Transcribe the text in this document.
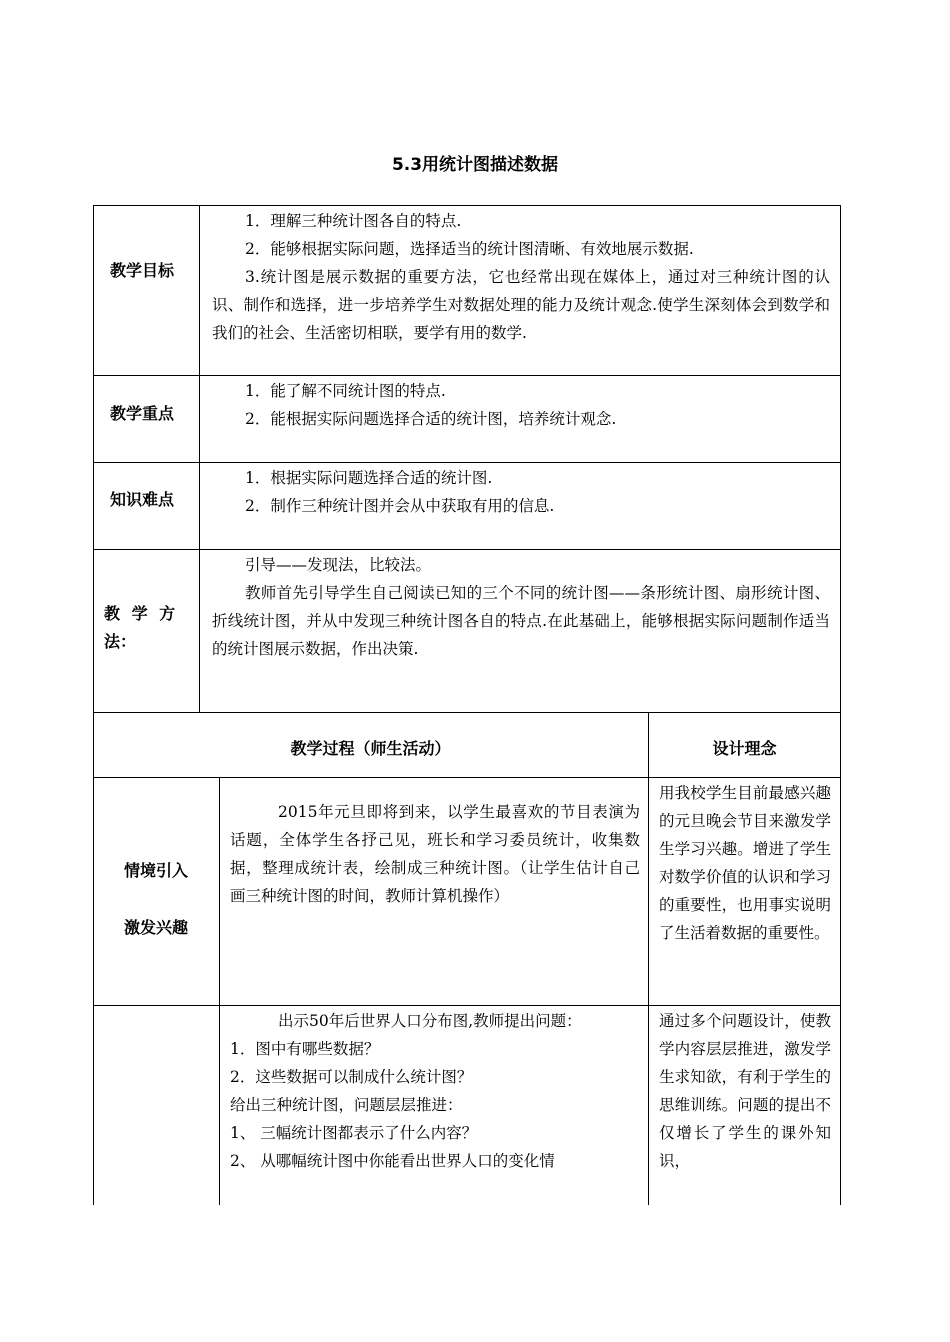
5.3用统计图描述数据
教学目标

1．理解三种统计图各自的特点.

2．能够根据实际问题，选择适当的统计图清晰、有效地展示数据.

3.统计图是展示数据的重要方法，它也经常出现在媒体上，通过对三种统计图的认识、制作和选择，进一步培养学生对数据处理的能力及统计观念.使学生深刻体会到数学和我们的社会、生活密切相联，要学有用的数学.

教学重点

1．能了解不同统计图的特点.

2．能根据实际问题选择合适的统计图，培养统计观念.

知识难点

1．根据实际问题选择合适的统计图.

2．制作三种统计图并会从中获取有用的信息.

教 学 方
法：

引导——发现法，比较法。

教师首先引导学生自己阅读已知的三个不同的统计图——条形统计图、扇形统计图、折线统计图，并从中发现三种统计图各自的特点.在此基础上，能够根据实际问题制作适当的统计图展示数据，作出决策.

教学过程（师生活动）	设计理念
情境引入
激发兴趣

2015年元旦即将到来，以学生最喜欢的节目表演为话题，全体学生各抒己见，班长和学习委员统计，收集数据，整理成统计表，绘制成三种统计图。（让学生估计自己画三种统计图的时间，教师计算机操作）

用我校学生目前最感兴趣的元旦晚会节目来激发学生学习兴趣。增进了学生对数学价值的认识和学习的重要性，也用事实说明了生活着数据的重要性。

出示50年后世界人口分布图,教师提出问题：

1．图中有哪些数据？

2．这些数据可以制成什么统计图？

给出三种统计图，问题层层推进：

1、 三幅统计图都表示了什么内容？

2、 从哪幅统计图中你能看出世界人口的变化情

通过多个问题设计，使教学内容层层推进，激发学生求知欲，有利于学生的思维训练。问题的提出不仅增长了学生的课外知识，
